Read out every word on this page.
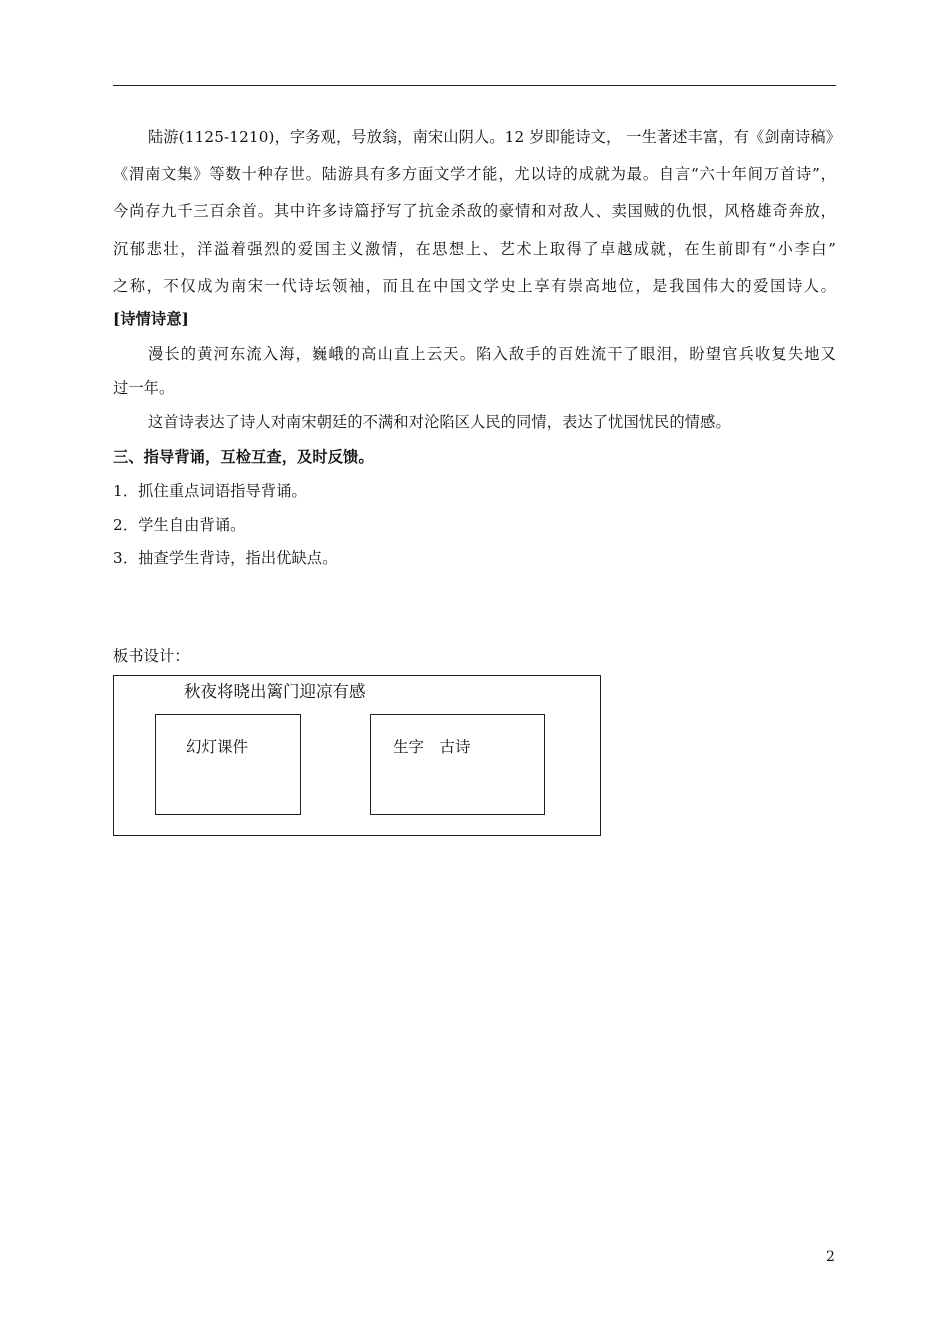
陆游(1125-1210)，字务观，号放翁，南宋山阴人。12 岁即能诗文， 一生著述丰富，有《剑南诗稿》
《渭南文集》等数十种存世。陆游具有多方面文学才能，尤以诗的成就为最。自言“六十年间万首诗”，
今尚存九千三百余首。其中许多诗篇抒写了抗金杀敌的豪情和对敌人、卖国贼的仇恨，风格雄奇奔放，
沉郁悲壮，洋溢着强烈的爱国主义激情，在思想上、艺术上取得了卓越成就，在生前即有“小李白”
之称，不仅成为南宋一代诗坛领袖，而且在中国文学史上享有崇高地位，是我国伟大的爱国诗人。
[诗情诗意]
漫长的黄河东流入海，巍峨的高山直上云天。陷入敌手的百姓流干了眼泪，盼望官兵收复失地又
过一年。
这首诗表达了诗人对南宋朝廷的不满和对沦陷区人民的同情，表达了忧国忧民的情感。
三、指导背诵，互检互查，及时反馈。
1．抓住重点词语指导背诵。
2．学生自由背诵。
3．抽查学生背诗，指出优缺点。
板书设计：
秋夜将晓出篱门迎凉有感
幻灯课件	生字　古诗
2
